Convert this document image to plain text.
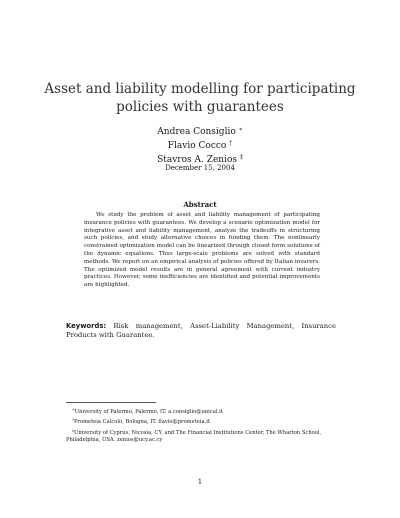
Asset and liability modelling for participating policies with guarantees
Andrea Consiglio ∗
Flavio Cocco †
Stavros A. Zenios ‡
December 15, 2004
Abstract
We study the problem of asset and liability management of participating insurance policies with guarantees. We develop a scenario optimization model for integrative asset and liability management, analyze the tradeoffs in structuring such policies, and study alternative choices in funding them. The nonlinearly constrained optimization model can be linearized through closed form solutions of the dynamic equations. Thus large-scale problems are solved with standard methods. We report on an empirical analysis of policies offered by Italian insurers. The optimized model results are in general agreement with current industry practices. However, some inefficiencies are identified and potential improvements are highlighted.
Keywords: Risk management, Asset-Liability Management, Insurance Products with Guarantee.
∗University of Palermo, Palermo, IT. a.consiglio@unical.it
†Prometeia Calcolo, Bologna, IT. flavio@prometeia.it
‡University of Cyprus, Nicosia, CY, and The Financial Institutions Center, The Wharton School, Philadelphia, USA. zenios@ucy.ac.cy
1
